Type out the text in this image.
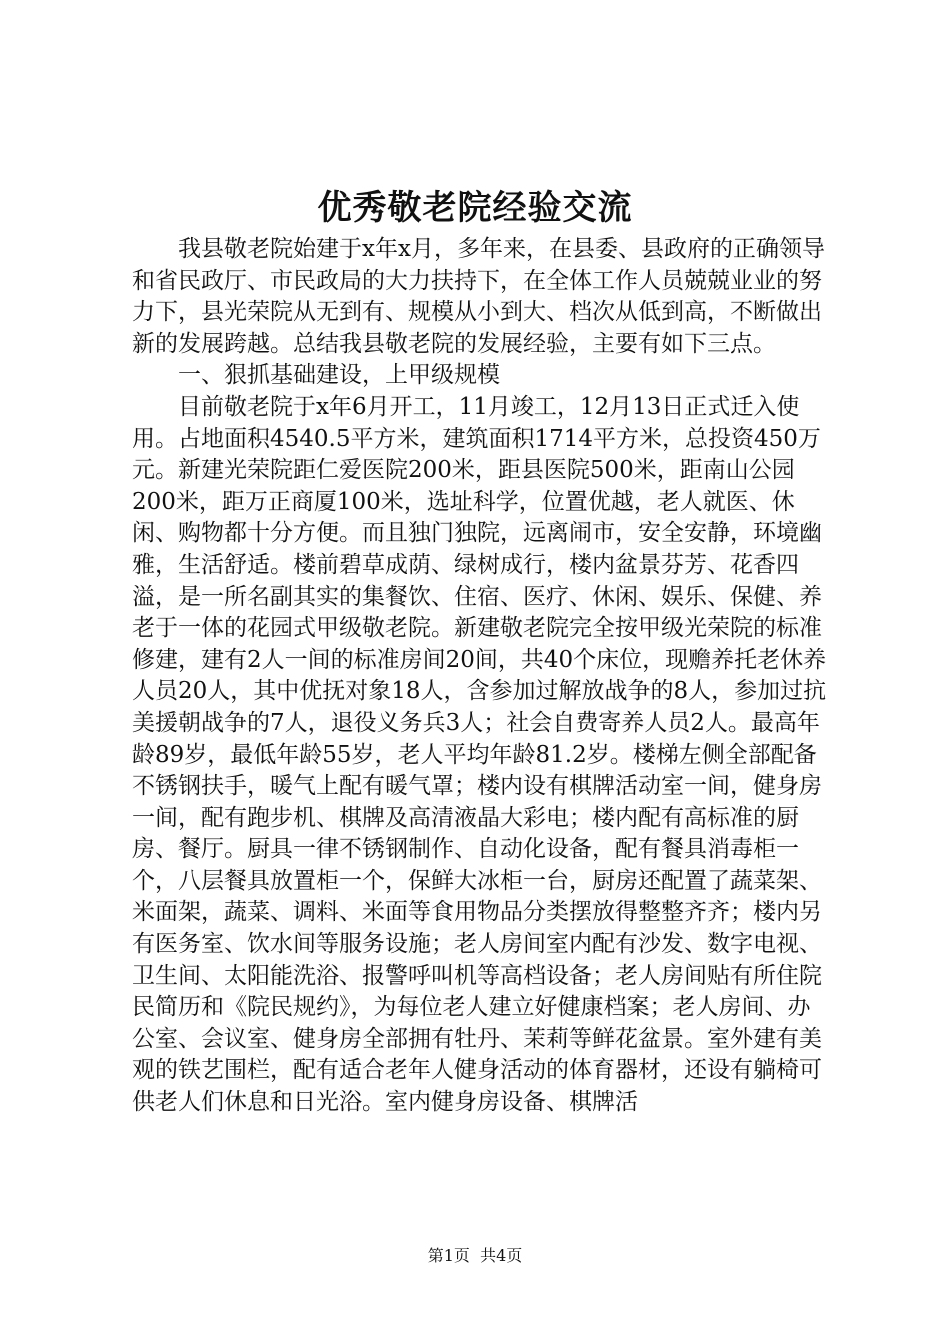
优秀敬老院经验交流

我县敬老院始建于x年x月，多年来，在县委、县政府的正确领导和省民政厅、市民政局的大力扶持下，在全体工作人员兢兢业业的努力下，县光荣院从无到有、规模从小到大、档次从低到高，不断做出新的发展跨越。总结我县敬老院的发展经验，主要有如下三点。

一、狠抓基础建设，上甲级规模

目前敬老院于x年6月开工，11月竣工，12月13日正式迁入使用。占地面积4540.5平方米，建筑面积1714平方米，总投资450万元。新建光荣院距仁爱医院200米，距县医院500米，距南山公园200米，距万正商厦100米，选址科学，位置优越，老人就医、休闲、购物都十分方便。而且独门独院，远离闹市，安全安静，环境幽雅，生活舒适。楼前碧草成荫、绿树成行，楼内盆景芬芳、花香四溢，是一所名副其实的集餐饮、住宿、医疗、休闲、娱乐、保健、养老于一体的花园式甲级敬老院。新建敬老院完全按甲级光荣院的标准修建，建有2人一间的标准房间20间，共40个床位，现赡养托老休养人员20人，其中优抚对象18人，含参加过解放战争的8人，参加过抗美援朝战争的7人，退役义务兵3人；社会自费寄养人员2人。最高年龄89岁，最低年龄55岁，老人平均年龄81.2岁。楼梯左侧全部配备不锈钢扶手，暖气上配有暖气罩；楼内设有棋牌活动室一间，健身房一间，配有跑步机、棋牌及高清液晶大彩电；楼内配有高标准的厨房、餐厅。厨具一律不锈钢制作、自动化设备，配有餐具消毒柜一个，八层餐具放置柜一个，保鲜大冰柜一台，厨房还配置了蔬菜架、米面架，蔬菜、调料、米面等食用物品分类摆放得整整齐齐；楼内另有医务室、饮水间等服务设施；老人房间室内配有沙发、数字电视、卫生间、太阳能洗浴、报警呼叫机等高档设备；老人房间贴有所住院民简历和《院民规约》，为每位老人建立好健康档案；老人房间、办公室、会议室、健身房全部拥有牡丹、茉莉等鲜花盆景。室外建有美观的铁艺围栏，配有适合老年人健身活动的体育器材，还设有躺椅可供老人们休息和日光浴。室内健身房设备、棋牌活

第1页  共4页
